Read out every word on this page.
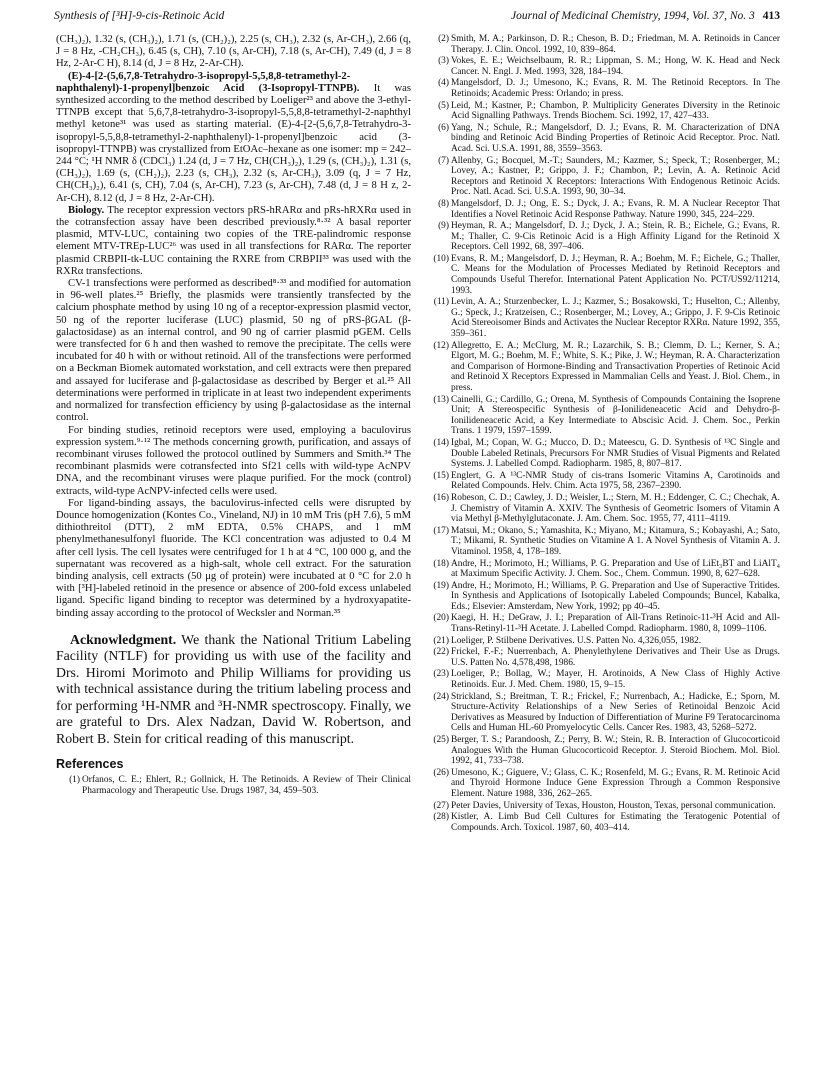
Synthesis of [³H]-9-cis-Retinoic Acid	Journal of Medicinal Chemistry, 1994, Vol. 37, No. 3 413

(CH₃)₂), 1.32 (s, (CH₃)₂), 1.71 (s, (CH₂)₂), 2.25 (s, CH₃), 2.32 (s, Ar-CH₃), 2.66 (q, J = 8 Hz, -CH₂CH₃), 6.45 (s, CH), 7.10 (s, Ar-CH), 7.18 (s, Ar-CH), 7.49 (d, J = 8 Hz, 2-Ar-C H), 8.14 (d, J = 8 Hz, 2-Ar-CH).

(E)-4-[2-(5,6,7,8-Tetrahydro-3-isopropyl-5,5,8,8-tetramethyl-2-naphthalenyl)-1-propenyl]benzoic Acid (3-Isopropyl-TTNPB). It was synthesized according to the method described by Loeliger²³ and above the 3-ethyl-TTNPB except that 5,6,7,8-tetrahydro-3-isopropyl-5,5,8,8-tetramethyl-2-naphthyl methyl ketone³¹ was used as starting material. (E)-4-[2-(5,6,7,8-Tetrahydro-3-isopropyl-5,5,8,8-tetramethyl-2-naphthalenyl)-1-propenyl]benzoic acid (3-isopropyl-TTNPB) was crystallized from EtOAc–hexane as one isomer: mp = 242–244 °C; ¹H NMR δ (CDCl₃) 1.24 (d, J = 7 Hz, CH(CH₃)₂), 1.29 (s, (CH₃)₂), 1.31 (s, (CH₃)₂), 1.69 (s, (CH₂)₂), 2.23 (s, CH₃), 2.32 (s, Ar-CH₃), 3.09 (q, J = 7 Hz, CH(CH₃)₂), 6.41 (s, CH), 7.04 (s, Ar-CH), 7.23 (s, Ar-CH), 7.48 (d, J = 8 H z, 2-Ar-CH), 8.12 (d, J = 8 Hz, 2-Ar-CH).

Biology. The receptor expression vectors pRS-hRARα and pRs-hRXRα used in the cotransfection assay have been described previously.⁸·³² A basal reporter plasmid, MTV-LUC, containing two copies of the TRE-palindromic response element MTV-TREp-LUC²⁶ was used in all transfections for RARα. The reporter plasmid CRBPII-tk-LUC containing the RXRE from CRBPII³³ was used with the RXRα transfections.

CV-1 transfections were performed as described⁸·³³ and modified for automation in 96-well plates.²⁵ Briefly, the plasmids were transiently transfected by the calcium phosphate method by using 10 ng of a receptor-expression plasmid vector, 50 ng of the reporter luciferase (LUC) plasmid, 50 ng of pRS-βGAL (β-galactosidase) as an internal control, and 90 ng of carrier plasmid pGEM. Cells were transfected for 6 h and then washed to remove the precipitate. The cells were incubated for 40 h with or without retinoid. All of the transfections were performed on a Beckman Biomek automated workstation, and cell extracts were then prepared and assayed for luciferase and β-galactosidase as described by Berger et al.²⁵ All determinations were performed in triplicate in at least two independent experiments and normalized for transfection efficiency by using β-galactosidase as the internal control.

For binding studies, retinoid receptors were used, employing a baculovirus expression system.⁹·¹² The methods concerning growth, purification, and assays of recombinant viruses followed the protocol outlined by Summers and Smith.³⁴ The recombinant plasmids were cotransfected into Sf21 cells with wild-type AcNPV DNA, and the recombinant viruses were plaque purified. For the mock (control) extracts, wild-type AcNPV-infected cells were used.

For ligand-binding assays, the baculovirus-infected cells were disrupted by Dounce homogenization (Kontes Co., Vineland, NJ) in 10 mM Tris (pH 7.6), 5 mM dithiothreitol (DTT), 2 mM EDTA, 0.5% CHAPS, and 1 mM phenylmethanesulfonyl fluoride. The KCl concentration was adjusted to 0.4 M after cell lysis. The cell lysates were centrifuged for 1 h at 4 °C, 100 000 g, and the supernatant was recovered as a high-salt, whole cell extract. For the saturation binding analysis, cell extracts (50 μg of protein) were incubated at 0 °C for 2.0 h with [³H]-labeled retinoid in the presence or absence of 200-fold excess unlabeled ligand. Specific ligand binding to receptor was determined by a hydroxyapatite-binding assay according to the protocol of Wecksler and Norman.³⁵

Acknowledgment. We thank the National Tritium Labeling Facility (NTLF) for providing us with use of the facility and Drs. Hiromi Morimoto and Philip Williams for providing us with technical assistance during the tritium labeling process and for performing ¹H-NMR and ³H-NMR spectroscopy. Finally, we are grateful to Drs. Alex Nadzan, David W. Robertson, and Robert B. Stein for critical reading of this manuscript.

References
(1) Orfanos, C. E.; Ehlert, R.; Gollnick, H. The Retinoids. A Review of Their Clinical Pharmacology and Therapeutic Use. Drugs 1987, 34, 459–503.
(2) Smith, M. A.; Parkinson, D. R.; Cheson, B. D.; Friedman, M. A. Retinoids in Cancer Therapy. J. Clin. Oncol. 1992, 10, 839–864.
(3) Vokes, E. E.; Weichselbaum, R. R.; Lippman, S. M.; Hong, W. K. Head and Neck Cancer. N. Engl. J. Med. 1993, 328, 184–194.
(4) Mangelsdorf, D. J.; Umesono, K.; Evans, R. M. The Retinoid Receptors. In The Retinoids; Academic Press: Orlando; in press.
(5) Leid, M.; Kastner, P.; Chambon, P. Multiplicity Generates Diversity in the Retinoic Acid Signalling Pathways. Trends Biochem. Sci. 1992, 17, 427–433.
(6) Yang, N.; Schule, R.; Mangelsdorf, D. J.; Evans, R. M. Characterization of DNA binding and Retinoic Acid Binding Properties of Retinoic Acid Receptor. Proc. Natl. Acad. Sci. U.S.A. 1991, 88, 3559–3563.
(7) Allenby, G.; Bocquel, M.-T.; Saunders, M.; Kazmer, S.; Speck, T.; Rosenberger, M.; Lovey, A.; Kastner, P.; Grippo, J. F.; Chambon, P.; Levin, A. A. Retinoic Acid Receptors and Retinoid X Receptors: Interactions With Endogenous Retinoic Acids. Proc. Natl. Acad. Sci. U.S.A. 1993, 90, 30–34.
(8) Mangelsdorf, D. J.; Ong, E. S.; Dyck, J. A.; Evans, R. M. A Nuclear Receptor That Identifies a Novel Retinoic Acid Response Pathway. Nature 1990, 345, 224–229.
(9) Heyman, R. A.; Mangelsdorf, D. J.; Dyck, J. A.; Stein, R. B.; Eichele, G.; Evans, R. M.; Thaller, C. 9-Cis Retinoic Acid is a High Affinity Ligand for the Retinoid X Receptors. Cell 1992, 68, 397–406.
(10) Evans, R. M.; Mangelsdorf, D. J.; Heyman, R. A.; Boehm, M. F.; Eichele, G.; Thaller, C. Means for the Modulation of Processes Mediated by Retinoid Receptors and Compounds Useful Therefor. International Patent Application No. PCT/US92/11214, 1993.
(11) Levin, A. A.; Sturzenbecker, L. J.; Kazmer, S.; Bosakowski, T.; Huselton, C.; Allenby, G.; Speck, J.; Kratzeisen, C.; Rosenberger, M.; Lovey, A.; Grippo, J. F. 9-Cis Retinoic Acid Stereoisomer Binds and Activates the Nuclear Receptor RXRα. Nature 1992, 355, 359–361.
(12) Allegretto, E. A.; McClurg, M. R.; Lazarchik, S. B.; Clemm, D. L.; Kerner, S. A.; Elgort, M. G.; Boehm, M. F.; White, S. K.; Pike, J. W.; Heyman, R. A. Characterization and Comparison of Hormone-Binding and Transactivation Properties of Retinoic Acid and Retinoid X Receptors Expressed in Mammalian Cells and Yeast. J. Biol. Chem., in press.
(13) Cainelli, G.; Cardillo, G.; Orena, M. Synthesis of Compounds Containing the Isoprene Unit; A Stereospecific Synthesis of β-Ionilideneacetic Acid and Dehydro-β-Ionilideneacetic Acid, a Key Intermediate to Abscisic Acid. J. Chem. Soc., Perkin Trans. 1 1979, 1597–1599.
(14) Igbal, M.; Copan, W. G.; Mucco, D. D.; Mateescu, G. D. Synthesis of ¹³C Single and Double Labeled Retinals, Precursors For NMR Studies of Visual Pigments and Related Systems. J. Labelled Compd. Radiopharm. 1985, 8, 807–817.
(15) Englert, G. A ¹³C-NMR Study of cis-trans Isomeric Vitamins A, Carotinoids and Related Compounds. Helv. Chim. Acta 1975, 58, 2367–2390.
(16) Robeson, C. D.; Cawley, J. D.; Weisler, L.; Stern, M. H.; Eddenger, C. C.; Chechak, A. J. Chemistry of Vitamin A. XXIV. The Synthesis of Geometric Isomers of Vitamin A via Methyl β-Methylglutaconate. J. Am. Chem. Soc. 1955, 77, 4111–4119.
(17) Matsui, M.; Okano, S.; Yamashita, K.; Miyano, M.; Kitamura, S.; Kobayashi, A.; Sato, T.; Mikami, R. Synthetic Studies on Vitamine A 1. A Novel Synthesis of Vitamin A. J. Vitaminol. 1958, 4, 178–189.
(18) Andre, H.; Morimoto, H.; Williams, P. G. Preparation and Use of LiEt₃BT and LiAlT₄ at Maximum Specific Activity. J. Chem. Soc., Chem. Commun. 1990, 8, 627–628.
(19) Andre, H.; Morimoto, H.; Williams, P. G. Preparation and Use of Superactive Tritides. In Synthesis and Applications of Isotopically Labeled Compounds; Buncel, Kabalka, Eds.; Elsevier: Amsterdam, New York, 1992; pp 40–45.
(20) Kaegi, H. H.; DeGraw, J. I.; Preparation of All-Trans Retinoic-11-³H Acid and All-Trans-Retinyl-11-³H Acetate. J. Labelled Compd. Radiopharm. 1980, 8, 1099–1106.
(21) Loeliger, P. Stilbene Derivatives. U.S. Patten No. 4,326,055, 1982.
(22) Frickel, F.-F.; Nuerrenbach, A. Phenylethylene Derivatives and Their Use as Drugs. U.S. Patten No. 4,578,498, 1986.
(23) Loeliger, P.; Bollag, W.; Mayer, H. Arotinoids, A New Class of Highly Active Retinoids. Eur. J. Med. Chem. 1980, 15, 9–15.
(24) Strickland, S.; Breitman, T. R.; Frickel, F.; Nurrenbach, A.; Hadicke, E.; Sporn, M. Structure-Activity Relationships of a New Series of Retinoidal Benzoic Acid Derivatives as Measured by Induction of Differentiation of Murine F9 Teratocarcinoma Cells and Human HL-60 Promyelocytic Cells. Cancer Res. 1983, 43, 5268–5272.
(25) Berger, T. S.; Parandoosh, Z.; Perry, B. W.; Stein, R. B. Interaction of Glucocorticoid Analogues With the Human Glucocorticoid Receptor. J. Steroid Biochem. Mol. Biol. 1992, 41, 733–738.
(26) Umesono, K.; Giguere, V.; Glass, C. K.; Rosenfeld, M. G.; Evans, R. M. Retinoic Acid and Thyroid Hormone Induce Gene Expression Through a Common Responsive Element. Nature 1988, 336, 262–265.
(27) Peter Davies, University of Texas, Houston, Houston, Texas, personal communication.
(28) Kistler, A. Limb Bud Cell Cultures for Estimating the Teratogenic Potential of Compounds. Arch. Toxicol. 1987, 60, 403–414.
